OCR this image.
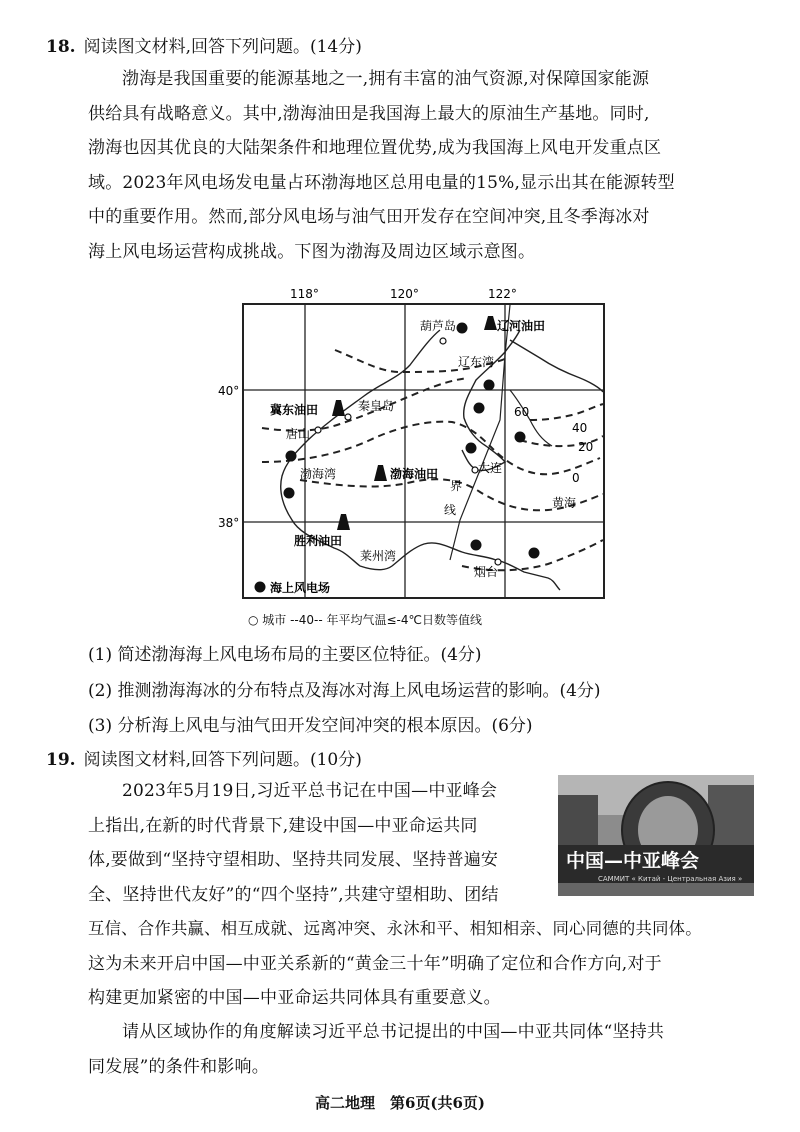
18. 阅读图文材料,回答下列问题。(14分)
渤海是我国重要的能源基地之一,拥有丰富的油气资源,对保障国家能源
供给具有战略意义。其中,渤海油田是我国海上最大的原油生产基地。同时,
渤海也因其优良的大陆架条件和地理位置优势,成为我国海上风电开发重点区
域。2023年风电场发电量占环渤海地区总用电量的15%,显示出其在能源转型
中的重要作用。然而,部分风电场与油气田开发存在空间冲突,且冬季海冰对
海上风电场运营构成挑战。下图为渤海及周边区域示意图。
118°	120°	122°
40°
38°
60
40
20
0
葫芦岛	辽河油田
辽东湾
冀东油田	秦皇岛
唐山
渤海湾	渤海油田	大连
界
线	黄海
胜利油田
莱州湾
烟台
海上风电场
○ 城市 --40-- 年平均气温≤-4℃日数等值线
(1) 简述渤海海上风电场布局的主要区位特征。(4分)
(2) 推测渤海海冰的分布特点及海冰对海上风电场运营的影响。(4分)
(3) 分析海上风电与油气田开发空间冲突的根本原因。(6分)
19. 阅读图文材料,回答下列问题。(10分)
2023年5月19日,习近平总书记在中国—中亚峰会
上指出,在新的时代背景下,建设中国—中亚命运共同
体,要做到“坚持守望相助、坚持共同发展、坚持普遍安
全、坚持世代友好”的“四个坚持”,共建守望相助、团结
中国—中亚峰会
САММИТ « Китай - Центральная Азия »
互信、合作共赢、相互成就、远离冲突、永沐和平、相知相亲、同心同德的共同体。
这为未来开启中国—中亚关系新的“黄金三十年”明确了定位和合作方向,对于
构建更加紧密的中国—中亚命运共同体具有重要意义。
请从区域协作的角度解读习近平总书记提出的中国—中亚共同体“坚持共
同发展”的条件和影响。
高二地理　第6页(共6页)
